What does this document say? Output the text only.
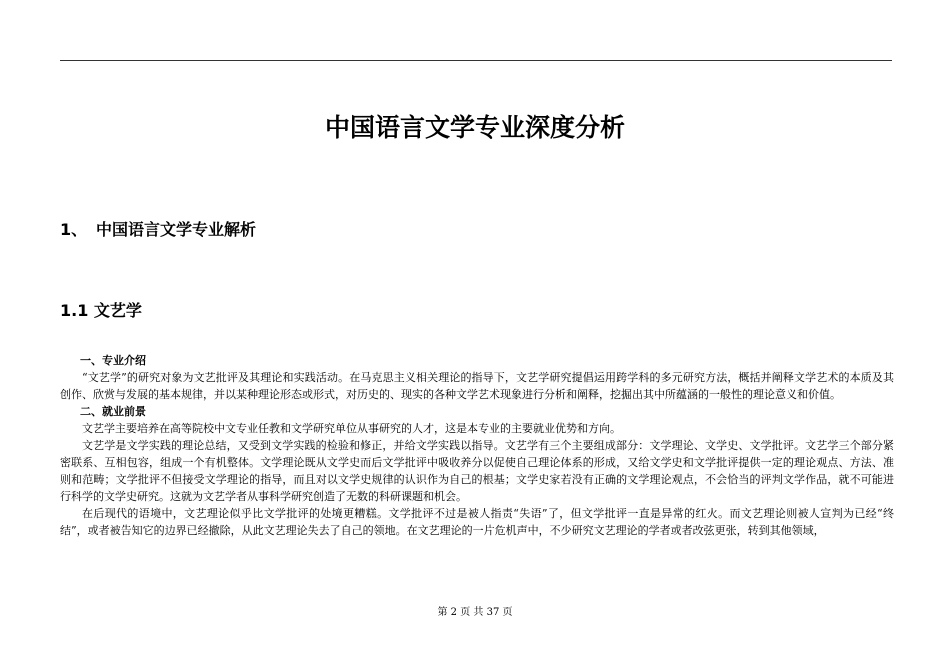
中国语言文学专业深度分析
1、 中国语言文学专业解析
1.1 文艺学

一、专业介绍

“文艺学”的研究对象为文艺批评及其理论和实践活动。在马克思主义相关理论的指导下，文艺学研究提倡运用跨学科的多元研究方法，概括并阐释文学艺术的本质及其创作、欣赏与发展的基本规律，并以某种理论形态或形式，对历史的、现实的各种文学艺术现象进行分析和阐释，挖掘出其中所蕴涵的一般性的理论意义和价值。

二、就业前景

文艺学主要培养在高等院校中文专业任教和文学研究单位从事研究的人才，这是本专业的主要就业优势和方向。

文艺学是文学实践的理论总结，又受到文学实践的检验和修正，并给文学实践以指导。文艺学有三个主要组成部分：文学理论、文学史、文学批评。文艺学三个部分紧密联系、互相包容，组成一个有机整体。文学理论既从文学史而后文学批评中吸收养分以促使自己理论体系的形成，又给文学史和文学批评提供一定的理论观点、方法、准则和范畴；文学批评不但接受文学理论的指导，而且对以文学史规律的认识作为自己的根基；文学史家若没有正确的文学理论观点，不会恰当的评判文学作品，就不可能进行科学的文学史研究。这就为文艺学者从事科学研究创造了无数的科研课题和机会。

在后现代的语境中，文艺理论似乎比文学批评的处境更糟糕。文学批评不过是被人指责“失语”了，但文学批评一直是异常的红火。而文艺理论则被人宣判为已经“终结”，或者被告知它的边界已经撤除，从此文艺理论失去了自己的领地。在文艺理论的一片危机声中，不少研究文艺理论的学者或者改弦更张，转到其他领域，

第 2 页 共 37 页
